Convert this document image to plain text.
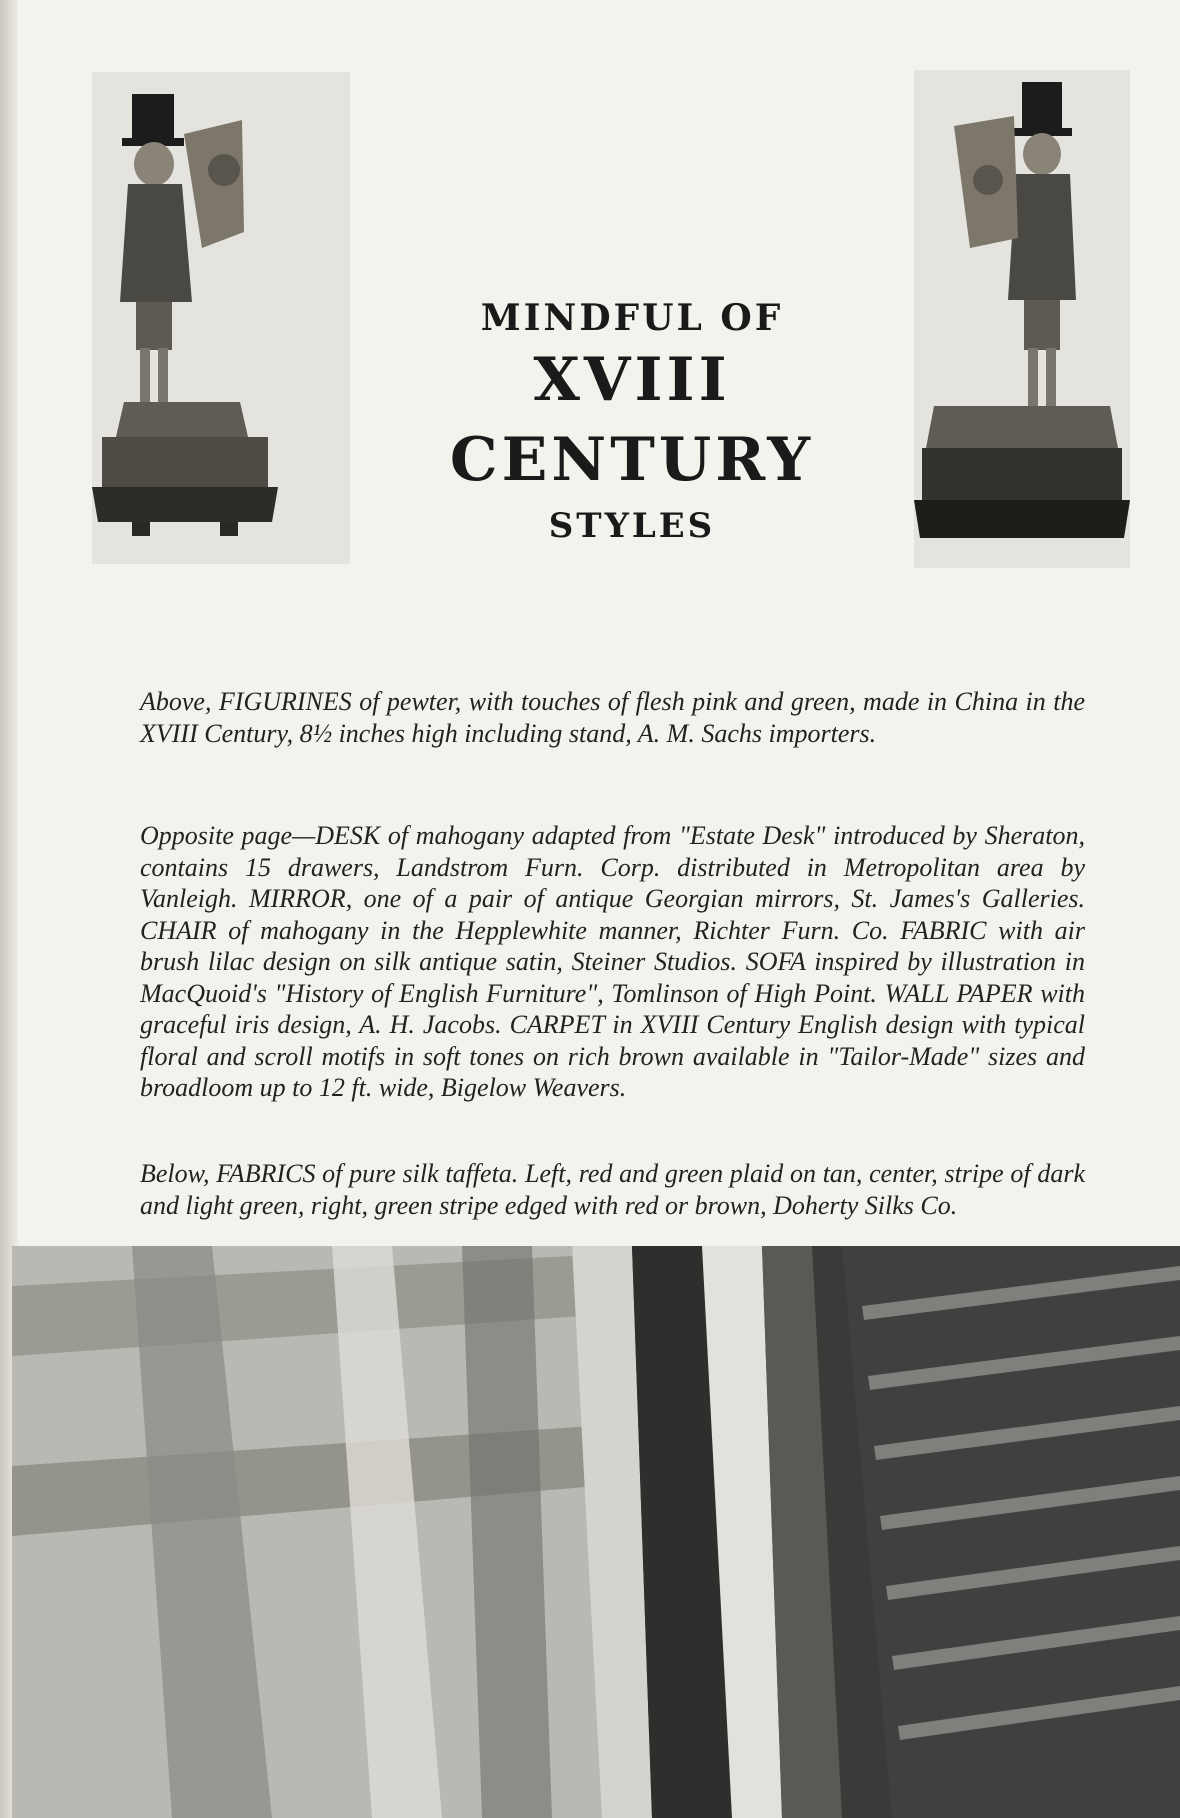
MINDFUL OF
XVIII CENTURY
STYLES

Above, FIGURINES of pewter, with touches of flesh pink and green, made in China in the XVIII Century, 8½ inches high including stand, A. M. Sachs importers.

Opposite page—DESK of mahogany adapted from "Estate Desk" introduced by Sheraton, contains 15 drawers, Landstrom Furn. Corp. distributed in Metropolitan area by Vanleigh. MIRROR, one of a pair of antique Georgian mirrors, St. James's Galleries. CHAIR of mahogany in the Hepplewhite manner, Richter Furn. Co. FABRIC with air brush lilac design on silk antique satin, Steiner Studios. SOFA inspired by illustration in MacQuoid's "History of English Furniture", Tomlinson of High Point. WALL PAPER with graceful iris design, A. H. Jacobs. CARPET in XVIII Century English design with typical floral and scroll motifs in soft tones on rich brown available in "Tailor-Made" sizes and broadloom up to 12 ft. wide, Bigelow Weavers.

Below, FABRICS of pure silk taffeta. Left, red and green plaid on tan, center, stripe of dark and light green, right, green stripe edged with red or brown, Doherty Silks Co.
